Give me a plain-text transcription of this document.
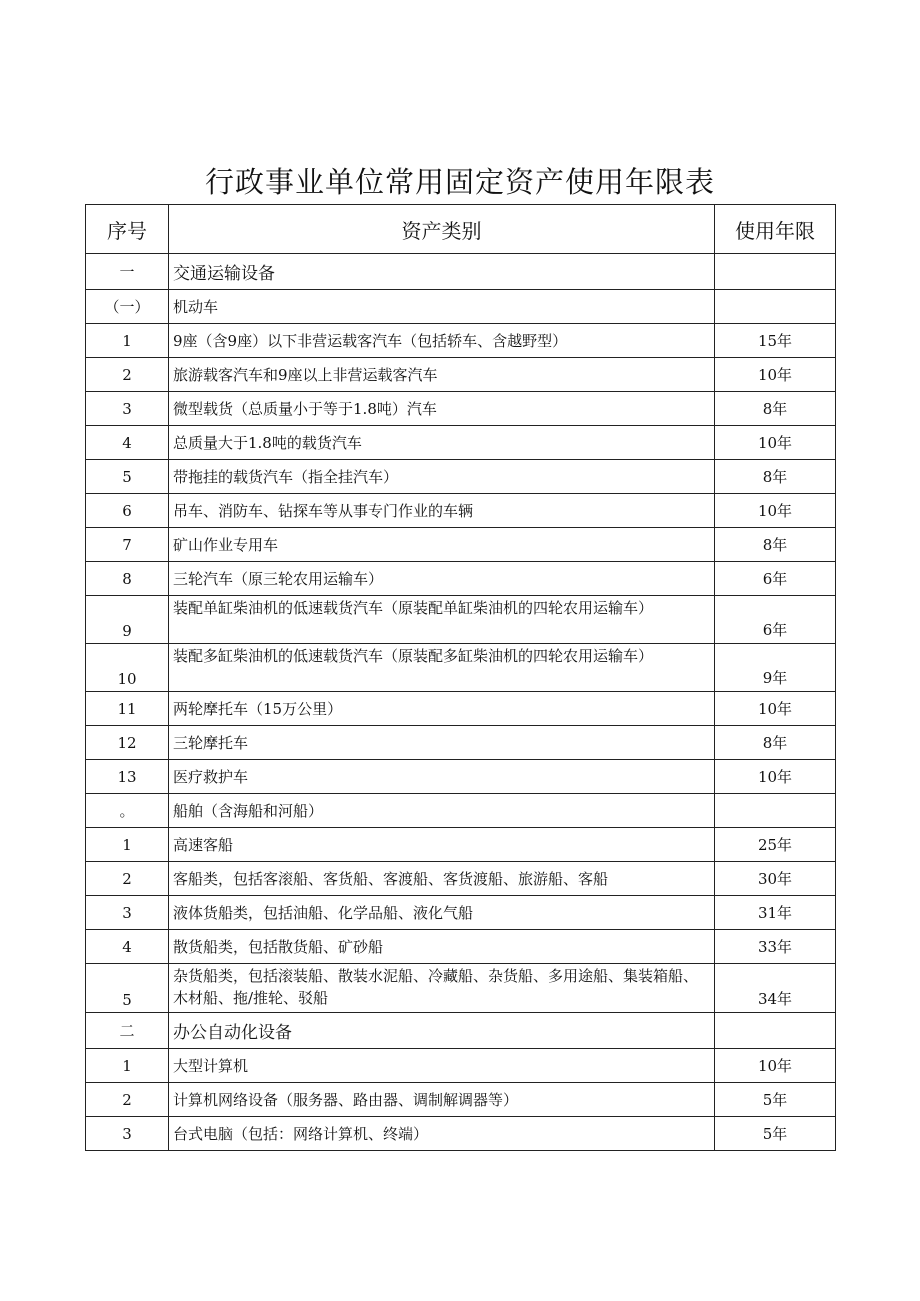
行政事业单位常用固定资产使用年限表
序号	资产类别	使用年限
一	交通运输设备	
（一）	机动车	
1	9座（含9座）以下非营运载客汽车（包括轿车、含越野型）	15年
2	旅游载客汽车和9座以上非营运载客汽车	10年
3	微型载货（总质量小于等于1.8吨）汽车	8年
4	总质量大于1.8吨的载货汽车	10年
5	带拖挂的载货汽车（指全挂汽车）	8年
6	吊车、消防车、钻探车等从事专门作业的车辆	10年
7	矿山作业专用车	8年
8	三轮汽车（原三轮农用运输车）	6年
9	装配单缸柴油机的低速载货汽车（原装配单缸柴油机的四轮农用运输车）	6年
10	装配多缸柴油机的低速载货汽车（原装配多缸柴油机的四轮农用运输车）	9年
11	两轮摩托车（15万公里）	10年
12	三轮摩托车	8年
13	医疗救护车	10年
。	船舶（含海船和河船）	
1	高速客船	25年
2	客船类，包括客滚船、客货船、客渡船、客货渡船、旅游船、客船	30年
3	液体货船类，包括油船、化学品船、液化气船	31年
4	散货船类，包括散货船、矿砂船	33年
5	杂货船类，包括滚装船、散装水泥船、冷藏船、杂货船、多用途船、集装箱船、木材船、拖/推轮、驳船	34年
二	办公自动化设备	
1	大型计算机	10年
2	计算机网络设备（服务器、路由器、调制解调器等）	5年
3	台式电脑（包括：网络计算机、终端）	5年
